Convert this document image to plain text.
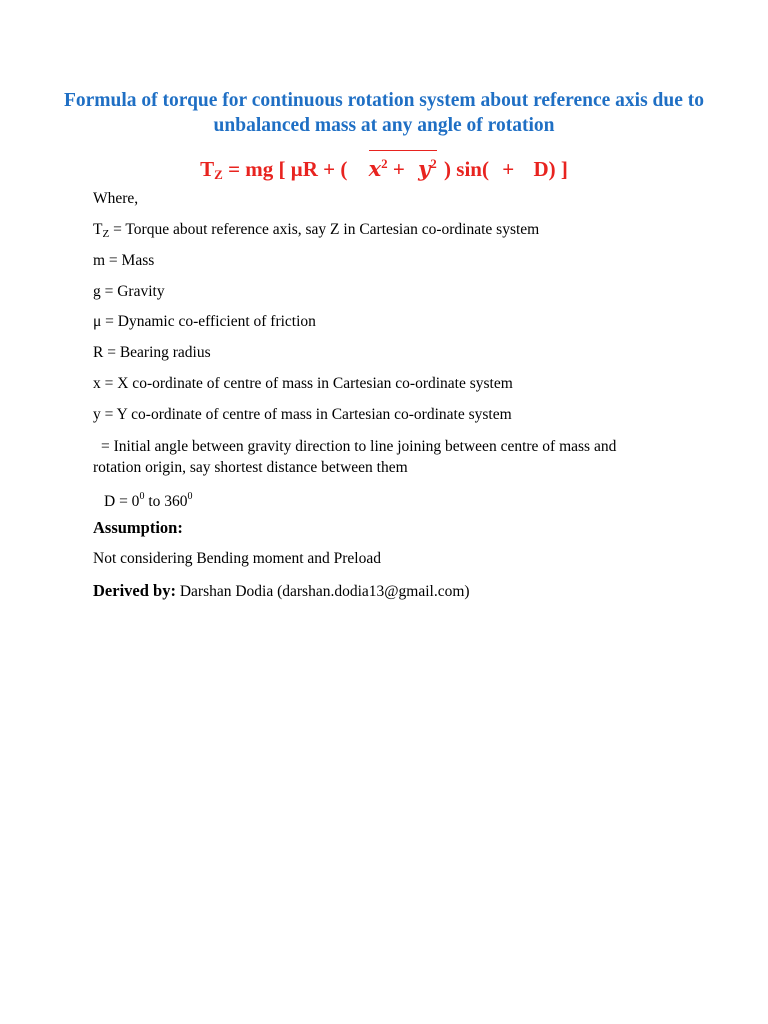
Formula of torque for continuous rotation system about reference axis due to unbalanced mass at any angle of rotation
$T_Z$ = mg [ μR + ( $x^2 + y^2$ ) sin( + D) ]
Where,
$T_Z$ = Torque about reference axis, say Z in Cartesian co-ordinate system
m = Mass
g = Gravity
μ = Dynamic co-efficient of friction
R = Bearing radius
x = X co-ordinate of centre of mass in Cartesian co-ordinate system
y = Y co-ordinate of centre of mass in Cartesian co-ordinate system
= Initial angle between gravity direction to line joining between centre of mass and rotation origin, say shortest distance between them
$D = 0^0$ to $360^0$
Assumption:
Not considering Bending moment and Preload
Derived by: Darshan Dodia (darshan.dodia13@gmail.com)
